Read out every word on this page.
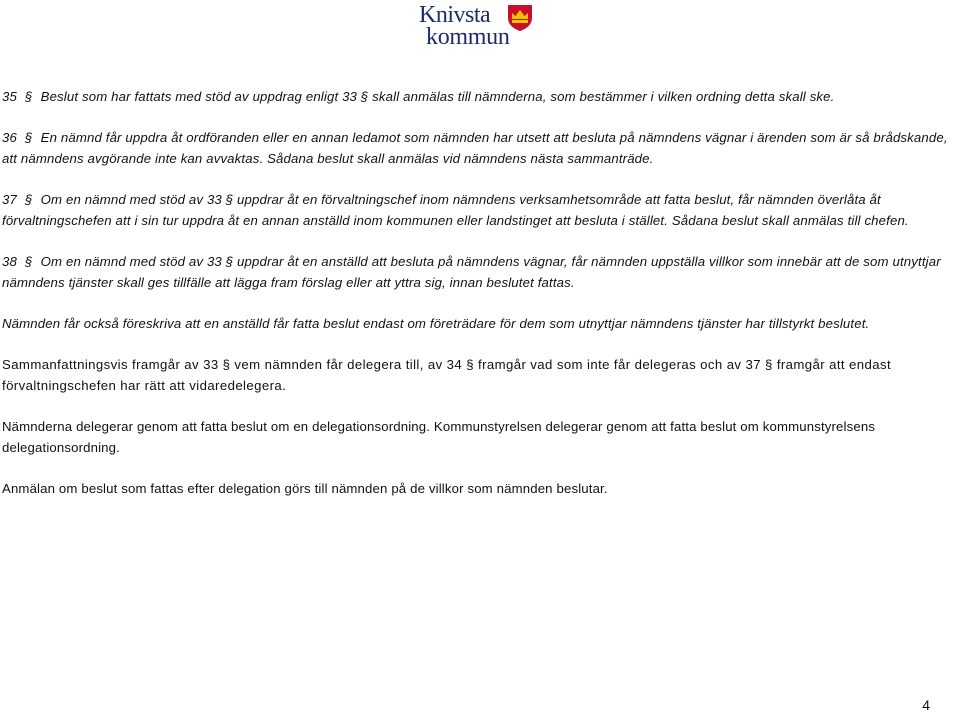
Knivsta
kommun

35 § Beslut som har fattats med stöd av uppdrag enligt 33 § skall anmälas till nämnderna, som bestämmer i vilken ordning detta skall ske.

36 § En nämnd får uppdra åt ordföranden eller en annan ledamot som nämnden har utsett att besluta på nämndens vägnar i ärenden som är så brådskande, att nämndens avgörande inte kan avvaktas. Sådana beslut skall anmälas vid nämndens nästa sammanträde.

37 § Om en nämnd med stöd av 33 § uppdrar åt en förvaltningschef inom nämndens verksamhetsområde att fatta beslut, får nämnden överlåta åt förvaltningschefen att i sin tur uppdra åt en annan anställd inom kommunen eller landstinget att besluta i stället. Sådana beslut skall anmälas till chefen.

38 § Om en nämnd med stöd av 33 § uppdrar åt en anställd att besluta på nämndens vägnar, får nämnden uppställa villkor som innebär att de som utnyttjar nämndens tjänster skall ges tillfälle att lägga fram förslag eller att yttra sig, innan beslutet fattas.

Nämnden får också föreskriva att en anställd får fatta beslut endast om företrädare för dem som utnyttjar nämndens tjänster har tillstyrkt beslutet.

Sammanfattningsvis framgår av 33 § vem nämnden får delegera till, av 34 § framgår vad som inte får delegeras och av 37 § framgår att endast förvaltningschefen har rätt att vidaredelegera.

Nämnderna delegerar genom att fatta beslut om en delegationsordning. Kommunstyrelsen delegerar genom att fatta beslut om kommunstyrelsens delegationsordning.

Anmälan om beslut som fattas efter delegation görs till nämnden på de villkor som nämnden beslutar.

4
